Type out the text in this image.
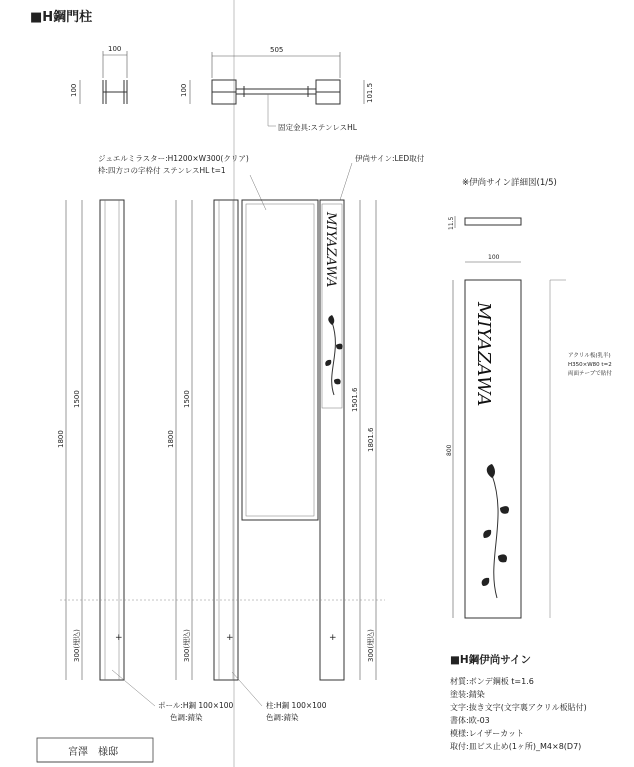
■H鋼門柱
100
100
505
100	101.5
固定金具:ステンレスHL
ジュエルミラスター:H1200×W300(クリア)
枠:四方コの字枠付 ステンレスHL t=1
伊尚サイン:LED取付
1800
1500
300(埋込)	+
1800
1500
300(埋込)	+
MIYAZAWA
1501.6
1801.6
300(埋込)
+
ポール:H鋼 100×100
色調:錆染
柱:H鋼 100×100
色調:錆染
※伊尚サイン詳細図(1/5)
11.5
100
800
MIYAZAWA	アクリル板(乳半)
H350×W80 t=2
両面テープで貼付
■H鋼伊尚サイン
材質:ボンデ鋼板 t=1.6
塗装:錆染
文字:抜き文字(文字裏アクリル板貼付)
書体:欧-03
模様:レイザーカット
取付:皿ビス止め(1ヶ所)_M4×8(D7)
宮澤　様邸
